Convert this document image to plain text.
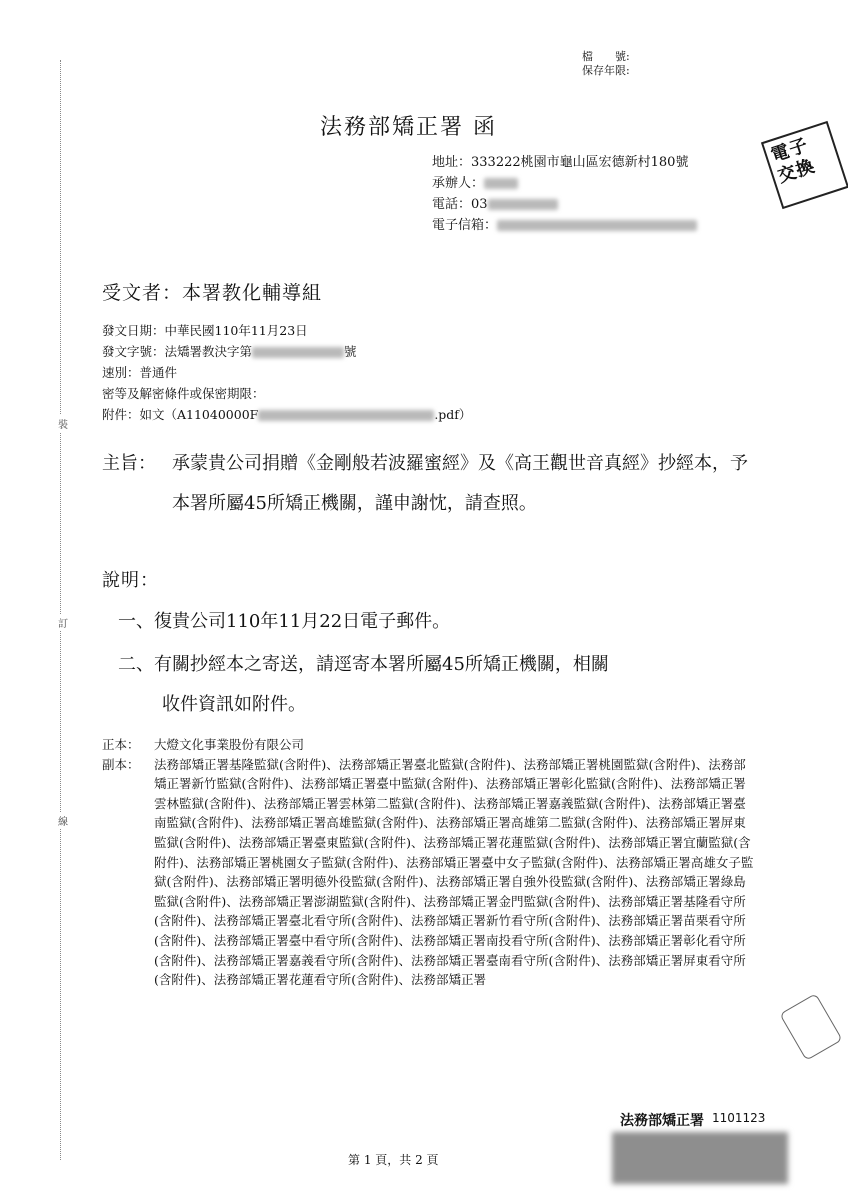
裝
訂
線
檔　　號:
保存年限:
法務部矯正署 函
電子
交換
地址：333222桃園市龜山區宏德新村180號
承辦人：
電話：03
電子信箱：
受文者：本署教化輔導組
發文日期：中華民國110年11月23日
發文字號：法矯署教決字第	號
速別：普通件
密等及解密條件或保密期限：
附件：如文（A11040000F	.pdf）
主旨： 承蒙貴公司捐贈《金剛般若波羅蜜經》及《高王觀世音真經》抄經本，予本署所屬45所矯正機關，謹申謝忱，請查照。
說明：
一、復貴公司110年11月22日電子郵件。
二、有關抄經本之寄送，請逕寄本署所屬45所矯正機關，相關
收件資訊如附件。
正本： 大燈文化事業股份有限公司
副本： 法務部矯正署基隆監獄(含附件)、法務部矯正署臺北監獄(含附件)、法務部矯正署桃園監獄(含附件)、法務部矯正署新竹監獄(含附件)、法務部矯正署臺中監獄(含附件)、法務部矯正署彰化監獄(含附件)、法務部矯正署雲林監獄(含附件)、法務部矯正署雲林第二監獄(含附件)、法務部矯正署嘉義監獄(含附件)、法務部矯正署臺南監獄(含附件)、法務部矯正署高雄監獄(含附件)、法務部矯正署高雄第二監獄(含附件)、法務部矯正署屏東監獄(含附件)、法務部矯正署臺東監獄(含附件)、法務部矯正署花蓮監獄(含附件)、法務部矯正署宜蘭監獄(含附件)、法務部矯正署桃園女子監獄(含附件)、法務部矯正署臺中女子監獄(含附件)、法務部矯正署高雄女子監獄(含附件)、法務部矯正署明德外役監獄(含附件)、法務部矯正署自強外役監獄(含附件)、法務部矯正署綠島監獄(含附件)、法務部矯正署澎湖監獄(含附件)、法務部矯正署金門監獄(含附件)、法務部矯正署基隆看守所(含附件)、法務部矯正署臺北看守所(含附件)、法務部矯正署新竹看守所(含附件)、法務部矯正署苗栗看守所(含附件)、法務部矯正署臺中看守所(含附件)、法務部矯正署南投看守所(含附件)、法務部矯正署彰化看守所(含附件)、法務部矯正署嘉義看守所(含附件)、法務部矯正署臺南看守所(含附件)、法務部矯正署屏東看守所(含附件)、法務部矯正署花蓮看守所(含附件)、法務部矯正署
法務部矯正署 1101123
第 1 頁，共 2 頁
